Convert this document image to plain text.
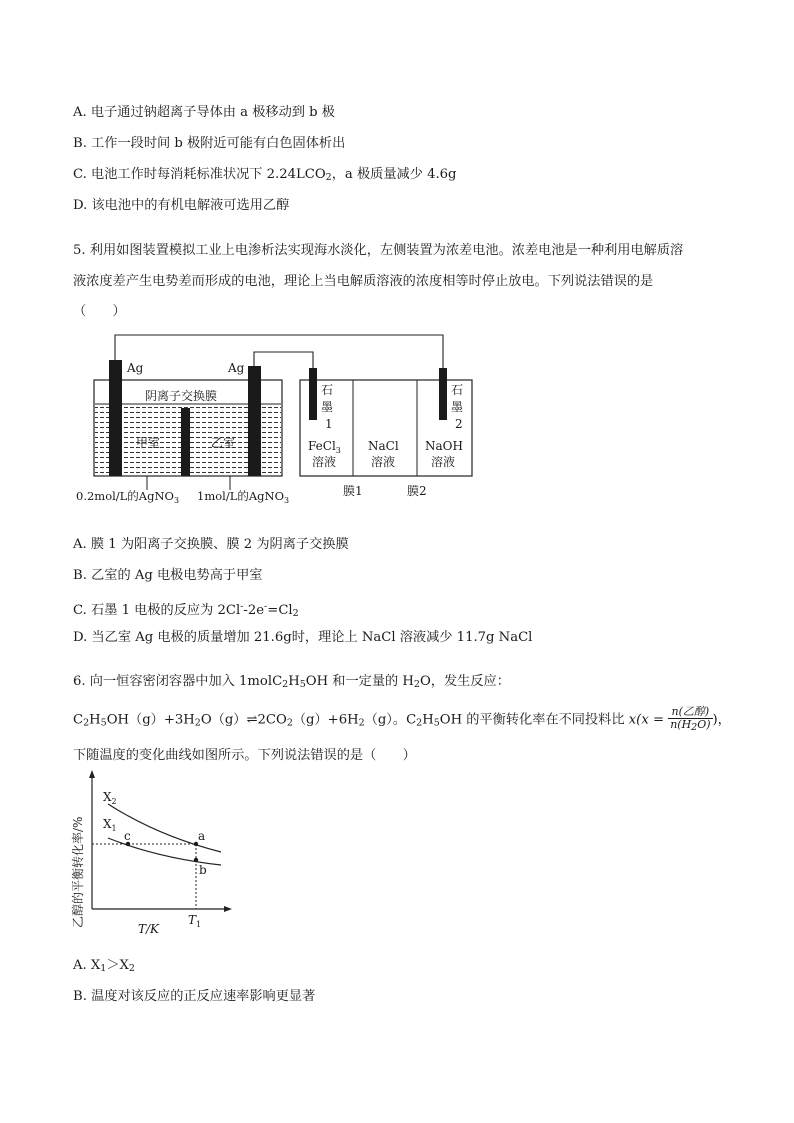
A. 电子通过钠超离子导体由 a 极移动到 b 极
B. 工作一段时间 b 极附近可能有白色固体析出
C. 电池工作时每消耗标准状况下 $2.24LCO_2$，a 极质量减少 4.6g
D. 该电池中的有机电解液可选用乙醇
5. 利用如图装置模拟工业上电渗析法实现海水淡化，左侧装置为浓差电池。浓差电池是一种利用电解质溶
液浓度差产生电势差而形成的电池，理论上当电解质溶液的浓度相等时停止放电。下列说法错误的是
（　　）
Ag	Ag
阴离子交换膜
甲室	乙室
0.2mol/L的AgNO$_3$ 1mol/L的AgNO$_3$
石
墨
1
石
墨
2
FeCl$_3$
溶液
NaCl
溶液
NaOH
溶液
膜1	膜2
A. 膜 1 为阳离子交换膜、膜 2 为阴离子交换膜
B. 乙室的 Ag 电极电势高于甲室
C. 石墨 1 电极的反应为 $2Cl^--2e^-=Cl_2$
D. 当乙室 Ag 电极的质量增加 21.6g时，理论上 NaCl 溶液减少 11.7g NaCl
6. 向一恒容密闭容器中加入 $1molC_2H_5OH$ 和一定量的 $H_2O$，发生反应：
$C_2H_5OH(g)+3H_2O(g)\rightleftharpoons 2CO_2(g)+6H_2(g)$。$C_2H_5OH$ 的平衡转化率在不同投料比 $x(x = \frac{\text{n(乙醇)}}{n(H2O)}$ )，
下随温度的变化曲线如图所示。下列说法错误的是（　　）
乙醇的平衡转化率/%
$X_2$
$X_1$
c	a
b
$T_1$
T/K
A. $X_1>X_2$
B. 温度对该反应的正反应速率影响更显著
